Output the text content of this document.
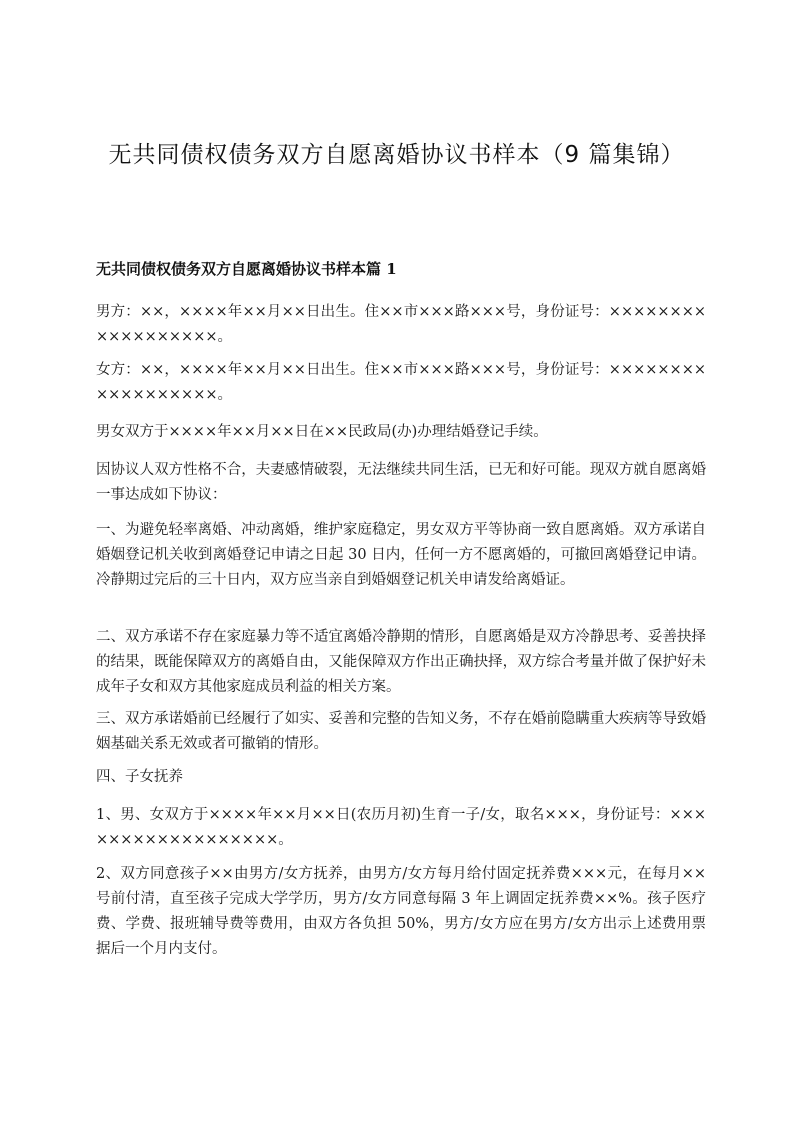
无共同债权债务双方自愿离婚协议书样本（9 篇集锦）
无共同债权债务双方自愿离婚协议书样本篇 1

男方：××，××××年××月××日出生。住××市×××路×××号，身份证号：××××××××××××××××××。

女方：××，××××年××月××日出生。住××市×××路×××号，身份证号：××××××××××××××××××。

男女双方于××××年××月××日在××民政局(办)办理结婚登记手续。

因协议人双方性格不合，夫妻感情破裂，无法继续共同生活，已无和好可能。现双方就自愿离婚一事达成如下协议：

一、为避免轻率离婚、冲动离婚，维护家庭稳定，男女双方平等协商一致自愿离婚。双方承诺自婚姻登记机关收到离婚登记申请之日起 30 日内，任何一方不愿离婚的，可撤回离婚登记申请。冷静期过完后的三十日内，双方应当亲自到婚姻登记机关申请发给离婚证。

二、双方承诺不存在家庭暴力等不适宜离婚冷静期的情形，自愿离婚是双方冷静思考、妥善抉择的结果，既能保障双方的离婚自由，又能保障双方作出正确抉择，双方综合考量并做了保护好未成年子女和双方其他家庭成员利益的相关方案。

三、双方承诺婚前已经履行了如实、妥善和完整的告知义务，不存在婚前隐瞒重大疾病等导致婚姻基础关系无效或者可撤销的情形。

四、子女抚养

1、男、女双方于××××年××月××日(农历月初)生育一子/女，取名×××，身份证号：××××××××××××××××××。

2、双方同意孩子××由男方/女方抚养，由男方/女方每月给付固定抚养费×××元，在每月××号前付清，直至孩子完成大学学历，男方/女方同意每隔 3 年上调固定抚养费××%。孩子医疗费、学费、报班辅导费等费用，由双方各负担 50%，男方/女方应在男方/女方出示上述费用票据后一个月内支付。
